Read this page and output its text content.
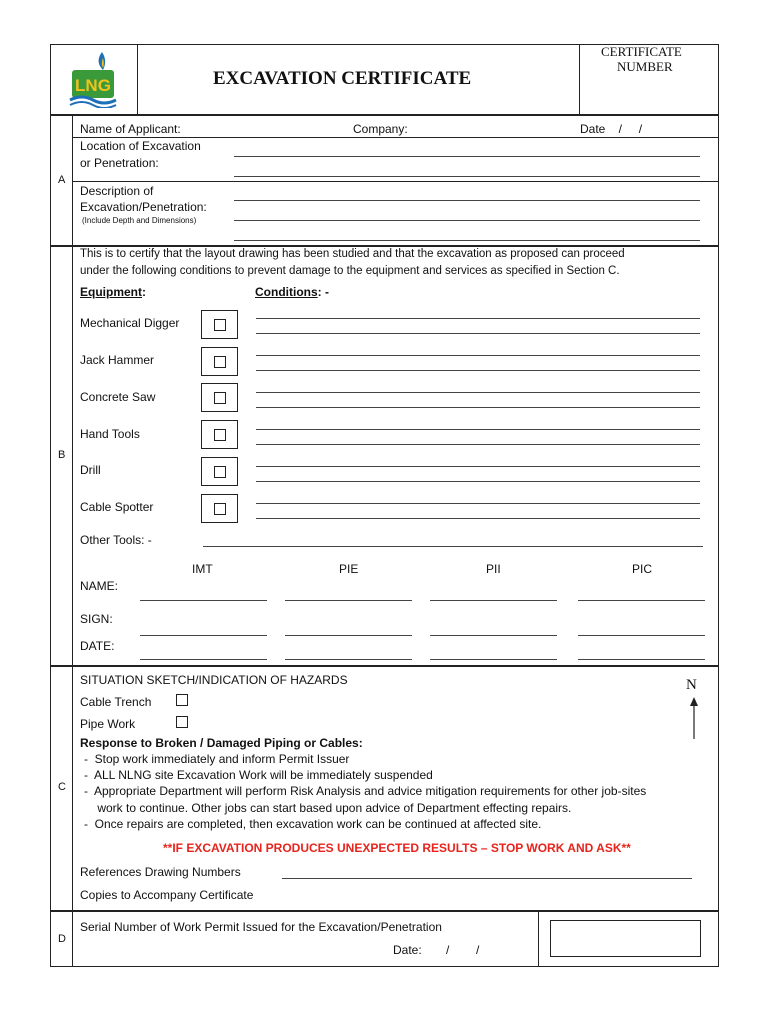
LNG	EXCAVATION CERTIFICATE
CERTIFICATE
NUMBER
A
Name of Applicant:	Company:	Date    /     /
Location of Excavation
or Penetration:
Description of
Excavation/Penetration:
(Include Depth and Dimensions)
B
This is to certify that the layout drawing has been studied and that the excavation as proposed can proceed
under the following conditions to prevent damage to the equipment and services as specified in Section C.
Equipment:	Conditions: -
Mechanical Digger
Jack Hammer
Concrete Saw
Hand Tools
Drill
Cable Spotter
Other Tools: -
IMT	PIE	PII	PIC
NAME:
SIGN:
DATE:
C
SITUATION SKETCH/INDICATION OF HAZARDS	N
Cable Trench
Pipe Work
Response to Broken / Damaged Piping or Cables:
-  Stop work immediately and inform Permit Issuer
-  ALL NLNG site Excavation Work will be immediately suspended
-  Appropriate Department will perform Risk Analysis and advice mitigation requirements for other job-sites
work to continue. Other jobs can start based upon advice of Department effecting repairs.
-  Once repairs are completed, then excavation work can be continued at affected site.
**IF EXCAVATION PRODUCES UNEXPECTED RESULTS – STOP WORK AND ASK**
References Drawing Numbers
Copies to Accompany Certificate
D
Serial Number of Work Permit Issued for the Excavation/Penetration
Date: /        /
